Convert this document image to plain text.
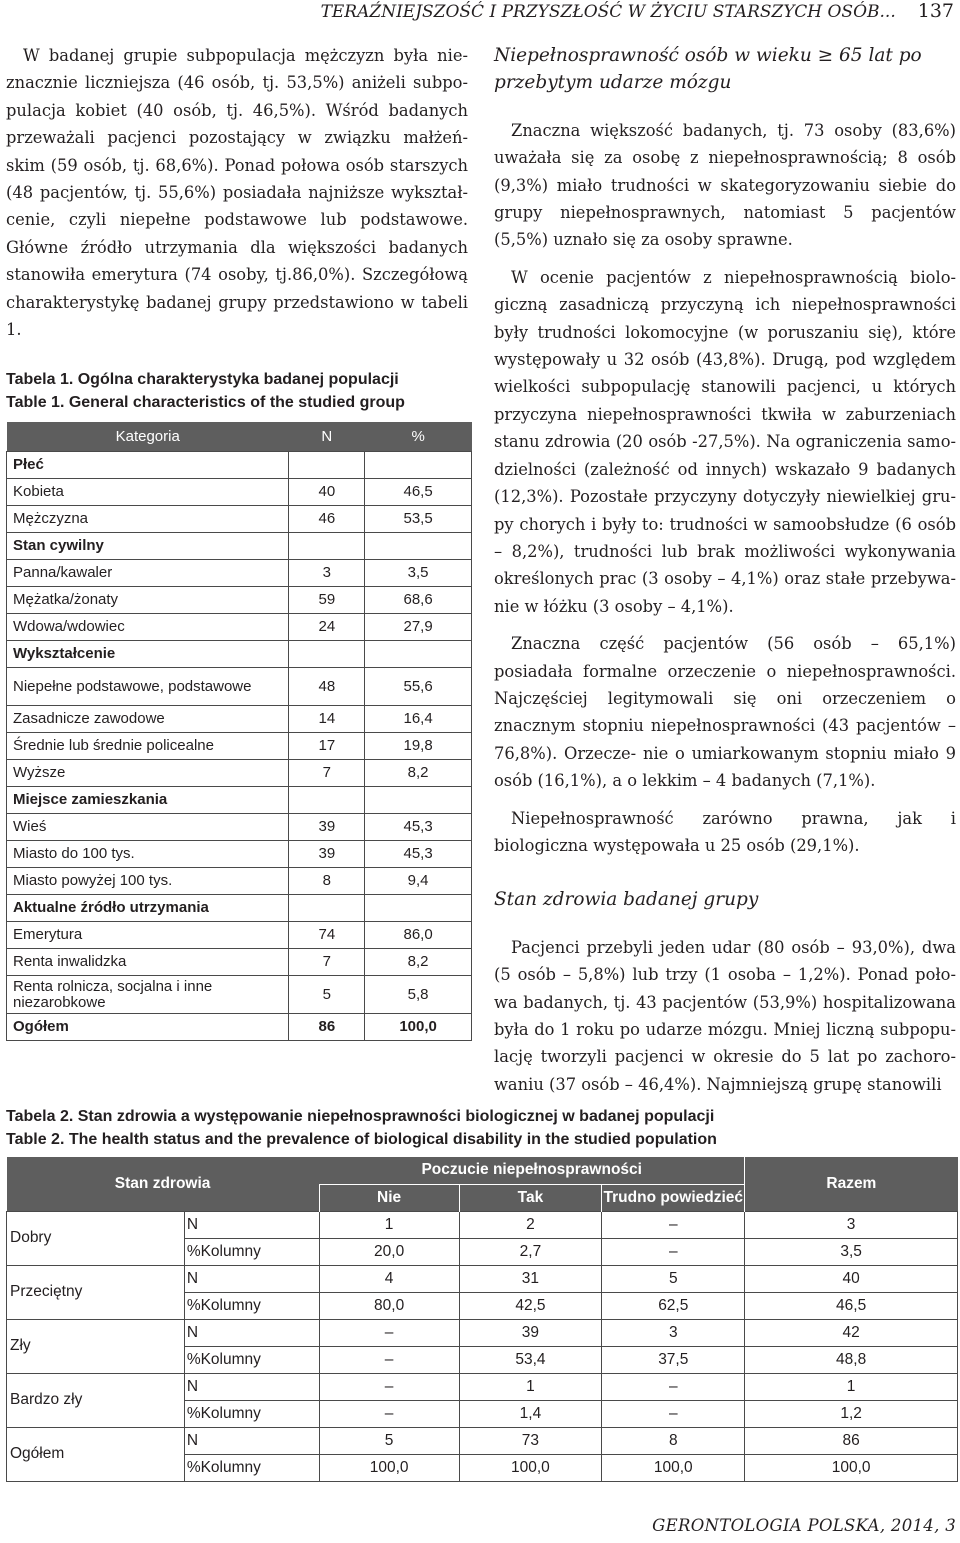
TERAŹNIEJSZOŚĆ I PRZYSZŁOŚĆ W ŻYCIU STARSZYCH OSÓB... 137
W badanej grupie subpopulacja mężczyzn była nie- znacznie liczniejsza (46 osób, tj. 53,5%) aniżeli subpo- pulacja kobiet (40 osób, tj. 46,5%). Wśród badanych przeważali pacjenci pozostający w związku małżeń- skim (59 osób, tj. 68,6%). Ponad połowa osób starszych (48 pacjentów, tj. 55,6%) posiadała najniższe wykształ- cenie, czyli niepełne podstawowe lub podstawowe. Główne źródło utrzymania dla większości badanych stanowiła emerytura (74 osoby, tj.86,0%). Szczegółową charakterystykę badanej grupy przedstawiono w tabeli 1.

Tabela 1. Ogólna charakterystyka badanej populacji

Table 1. General characteristics of the studied group

Kategoria	N	%
Płeć		
Kobieta	40	46,5
Mężczyzna	46	53,5
Stan cywilny		
Panna/kawaler	3	3,5
Mężatka/żonaty	59	68,6
Wdowa/wdowiec	24	27,9
Wykształcenie		
Niepełne podstawowe, podstawowe	48	55,6
Zasadnicze zawodowe	14	16,4
Średnie lub średnie policealne	17	19,8
Wyższe	7	8,2
Miejsce zamieszkania		
Wieś	39	45,3
Miasto do 100 tys.	39	45,3
Miasto powyżej 100 tys.	8	9,4
Aktualne źródło utrzymania		
Emerytura	74	86,0
Renta inwalidzka	7	8,2
Renta rolnicza, socjalna i inne niezarobkowe	5	5,8
Ogółem	86	100,0
Niepełnosprawność osób w wieku ≥ 65 lat po
przebytym udarze mózgu
Znaczna większość badanych, tj. 73 osoby (83,6%) uważała się za osobę z niepełnosprawnością; 8 osób (9,3%) miało trudności w skategoryzowaniu siebie do grupy niepełnosprawnych, natomiast 5 pacjentów (5,5%) uznało się za osoby sprawne.
W ocenie pacjentów z niepełnosprawnością biolo- giczną zasadniczą przyczyną ich niepełnosprawności były trudności lokomocyjne (w poruszaniu się), które występowały u 32 osób (43,8%). Drugą, pod względem wielkości subpopulację stanowili pacjenci, u których przyczyna niepełnosprawności tkwiła w zaburzeniach stanu zdrowia (20 osób -27,5%). Na ograniczenia samo- dzielności (zależność od innych) wskazało 9 badanych (12,3%). Pozostałe przyczyny dotyczyły niewielkiej gru- py chorych i były to: trudności w samoobsłudze (6 osób – 8,2%), trudności lub brak możliwości wykonywania określonych prac (3 osoby – 4,1%) oraz stałe przebywa- nie w łóżku (3 osoby – 4,1%).
Znaczna część pacjentów (56 osób – 65,1%) posiadała formalne orzeczenie o niepełnosprawności. Najczęściej legitymowali się oni orzeczeniem o znacznym stopniu niepełnosprawności (43 pacjentów – 76,8%). Orzecze- nie o umiarkowanym stopniu miało 9 osób (16,1%), a o lekkim – 4 badanych (7,1%).
Niepełnosprawność zarówno prawna, jak i biologiczna występowała u 25 osób (29,1%).
Stan zdrowia badanej grupy
Pacjenci przebyli jeden udar (80 osób – 93,0%), dwa (5 osób – 5,8%) lub trzy (1 osoba – 1,2%). Ponad poło- wa badanych, tj. 43 pacjentów (53,9%) hospitalizowana była do 1 roku po udarze mózgu. Mniej liczną subpopu- lację tworzyli pacjenci w okresie do 5 lat po zachoro- waniu (37 osób – 46,4%). Najmniejszą grupę stanowili

Tabela 2. Stan zdrowia a występowanie niepełnosprawności biologicznej w badanej populacji

Table 2. The health status and the prevalence of biological disability in the studied population

Stan zdrowia		Poczucie niepełnosprawności			Razem
		Nie	Tak	Trudno powiedzieć	
Dobry	N	1	2	–	3
	%Kolumny	20,0	2,7	–	3,5
Przeciętny	N	4	31	5	40
	%Kolumny	80,0	42,5	62,5	46,5
Zły	N	–	39	3	42
	%Kolumny	–	53,4	37,5	48,8
Bardzo zły	N	–	1	–	1
	%Kolumny	–	1,4	–	1,2
Ogółem	N	5	73	8	86
	%Kolumny	100,0	100,0	100,0	100,0
GERONTOLOGIA POLSKA, 2014, 3
